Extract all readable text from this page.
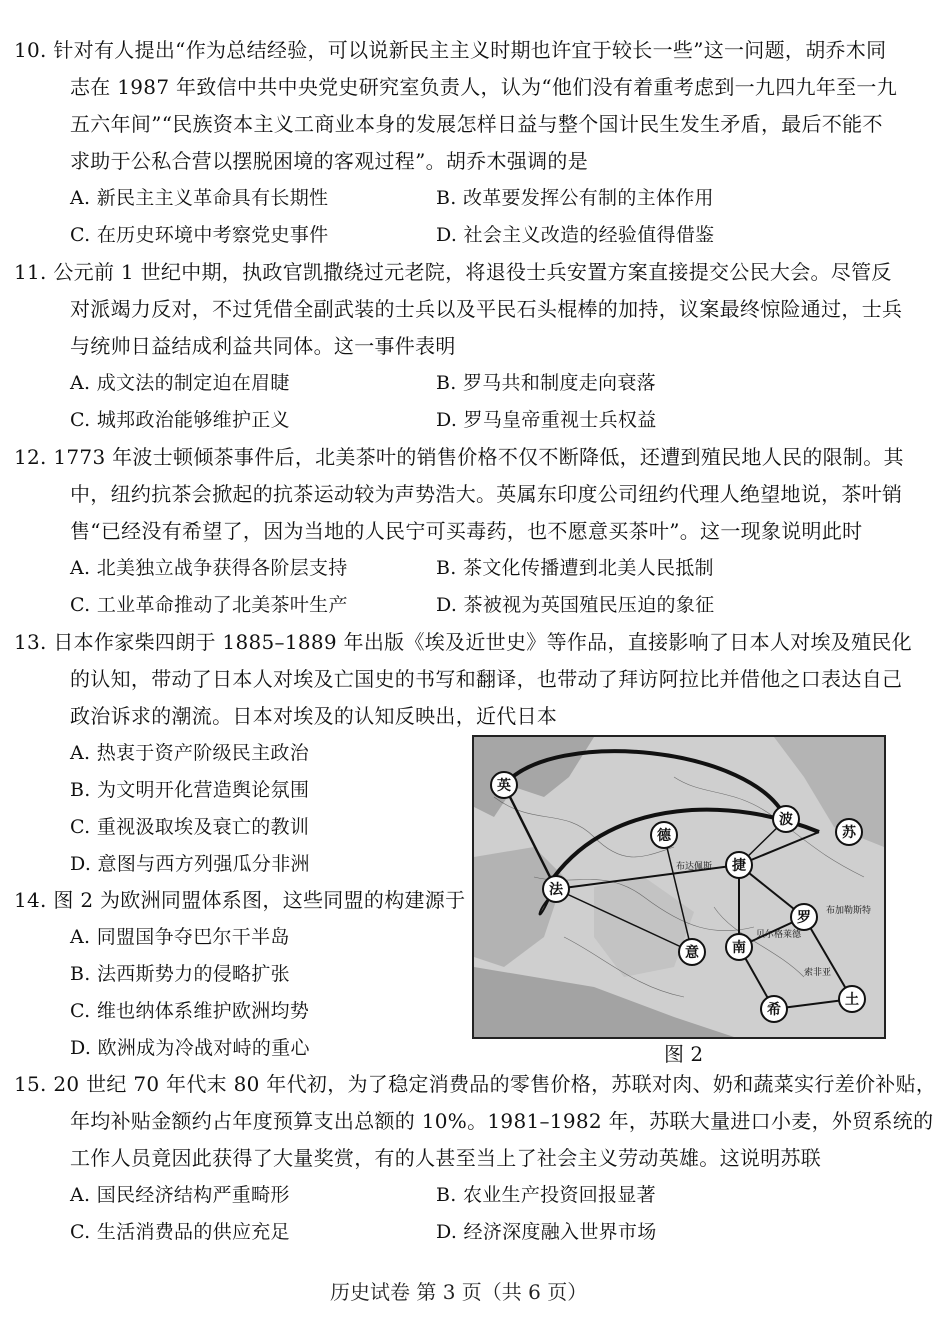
10. 针对有人提出“作为总结经验，可以说新民主主义时期也许宜于较长一些”这一问题，胡乔木同
志在 1987 年致信中共中央党史研究室负责人，认为“他们没有着重考虑到一九四九年至一九
五六年间”“民族资本主义工商业本身的发展怎样日益与整个国计民生发生矛盾，最后不能不
求助于公私合营以摆脱困境的客观过程”。胡乔木强调的是
A. 新民主主义革命具有长期性	B. 改革要发挥公有制的主体作用
C. 在历史环境中考察党史事件	D. 社会主义改造的经验值得借鉴
11. 公元前 1 世纪中期，执政官凯撒绕过元老院，将退役士兵安置方案直接提交公民大会。尽管反
对派竭力反对，不过凭借全副武装的士兵以及平民石头棍棒的加持，议案最终惊险通过，士兵
与统帅日益结成利益共同体。这一事件表明
A. 成文法的制定迫在眉睫	B. 罗马共和制度走向衰落
C. 城邦政治能够维护正义	D. 罗马皇帝重视士兵权益
12. 1773 年波士顿倾茶事件后，北美茶叶的销售价格不仅不断降低，还遭到殖民地人民的限制。其
中，纽约抗茶会掀起的抗茶运动较为声势浩大。英属东印度公司纽约代理人绝望地说，茶叶销
售“已经没有希望了，因为当地的人民宁可买毒药，也不愿意买茶叶”。这一现象说明此时
A. 北美独立战争获得各阶层支持	B. 茶文化传播遭到北美人民抵制
C. 工业革命推动了北美茶叶生产	D. 茶被视为英国殖民压迫的象征
13. 日本作家柴四朗于 1885–1889 年出版《埃及近世史》等作品，直接影响了日本人对埃及殖民化
的认知，带动了日本人对埃及亡国史的书写和翻译，也带动了拜访阿拉比并借他之口表达自己
政治诉求的潮流。日本对埃及的认知反映出，近代日本
A. 热衷于资产阶级民主政治
B. 为文明开化营造舆论氛围
C. 重视汲取埃及衰亡的教训
D. 意图与西方列强瓜分非洲
14. 图 2 为欧洲同盟体系图，这些同盟的构建源于
A. 同盟国争夺巴尔干半岛
B. 法西斯势力的侵略扩张
C. 维也纳体系维护欧洲均势
D. 欧洲成为冷战对峙的重心
布达佩斯
贝尔格莱德
索非亚
布加勒斯特
英
波
苏
德
捷
法
罗
意 南
希
土
图 2
15. 20 世纪 70 年代末 80 年代初，为了稳定消费品的零售价格，苏联对肉、奶和蔬菜实行差价补贴，
年均补贴金额约占年度预算支出总额的 10%。1981–1982 年，苏联大量进口小麦，外贸系统的
工作人员竟因此获得了大量奖赏，有的人甚至当上了社会主义劳动英雄。这说明苏联
A. 国民经济结构严重畸形	B. 农业生产投资回报显著
C. 生活消费品的供应充足	D. 经济深度融入世界市场
历史试卷 第 3 页（共 6 页）
